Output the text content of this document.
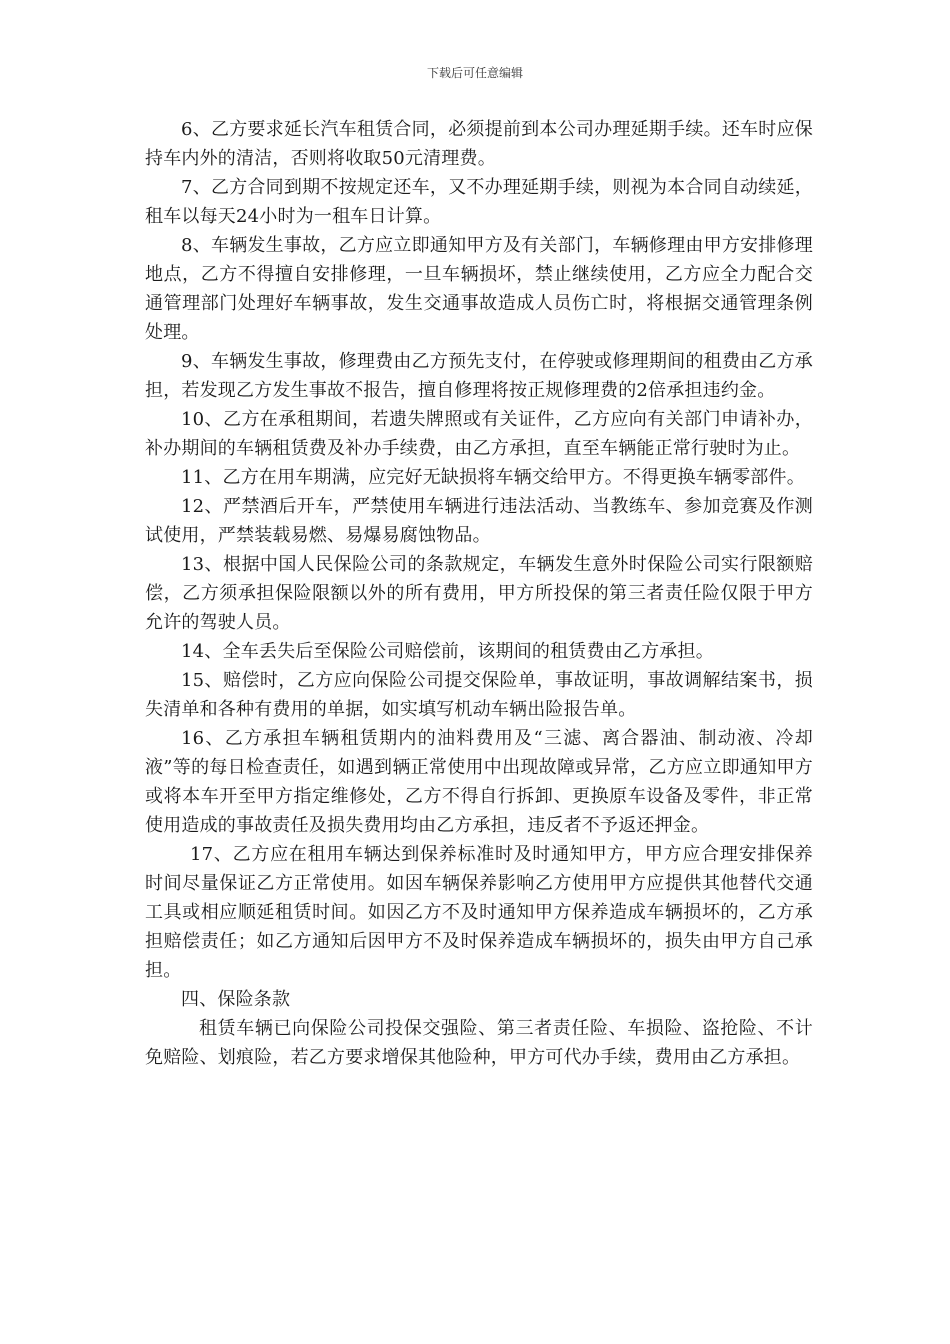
下载后可任意编辑

6、乙方要求延长汽车租赁合同，必须提前到本公司办理延期手续。还车时应保持车内外的清洁，否则将收取50元清理费。

7、乙方合同到期不按规定还车，又不办理延期手续，则视为本合同自动续延，租车以每天24小时为一租车日计算。

8、车辆发生事故，乙方应立即通知甲方及有关部门，车辆修理由甲方安排修理地点，乙方不得擅自安排修理，一旦车辆损坏，禁止继续使用，乙方应全力配合交通管理部门处理好车辆事故，发生交通事故造成人员伤亡时，将根据交通管理条例处理。

9、车辆发生事故，修理费由乙方预先支付，在停驶或修理期间的租费由乙方承担，若发现乙方发生事故不报告，擅自修理将按正规修理费的2倍承担违约金。

10、乙方在承租期间，若遗失牌照或有关证件，乙方应向有关部门申请补办，补办期间的车辆租赁费及补办手续费，由乙方承担，直至车辆能正常行驶时为止。

11、乙方在用车期满，应完好无缺损将车辆交给甲方。不得更换车辆零部件。

12、严禁酒后开车，严禁使用车辆进行违法活动、当教练车、参加竞赛及作测试使用，严禁装载易燃、易爆易腐蚀物品。

13、根据中国人民保险公司的条款规定，车辆发生意外时保险公司实行限额赔偿，乙方须承担保险限额以外的所有费用，甲方所投保的第三者责任险仅限于甲方允许的驾驶人员。

14、全车丢失后至保险公司赔偿前，该期间的租赁费由乙方承担。

15、赔偿时，乙方应向保险公司提交保险单，事故证明，事故调解结案书，损失清单和各种有费用的单据，如实填写机动车辆出险报告单。

16、乙方承担车辆租赁期内的油料费用及“三滤、离合器油、制动液、冷却液”等的每日检查责任，如遇到辆正常使用中出现故障或异常，乙方应立即通知甲方或将本车开至甲方指定维修处，乙方不得自行拆卸、更换原车设备及零件，非正常使用造成的事故责任及损失费用均由乙方承担，违反者不予返还押金。

17、乙方应在租用车辆达到保养标准时及时通知甲方，甲方应合理安排保养时间尽量保证乙方正常使用。如因车辆保养影响乙方使用甲方应提供其他替代交通工具或相应顺延租赁时间。如因乙方不及时通知甲方保养造成车辆损坏的，乙方承担赔偿责任；如乙方通知后因甲方不及时保养造成车辆损坏的，损失由甲方自己承担。

四、保险条款

租赁车辆已向保险公司投保交强险、第三者责任险、车损险、盗抢险、不计免赔险、划痕险，若乙方要求增保其他险种，甲方可代办手续，费用由乙方承担。
